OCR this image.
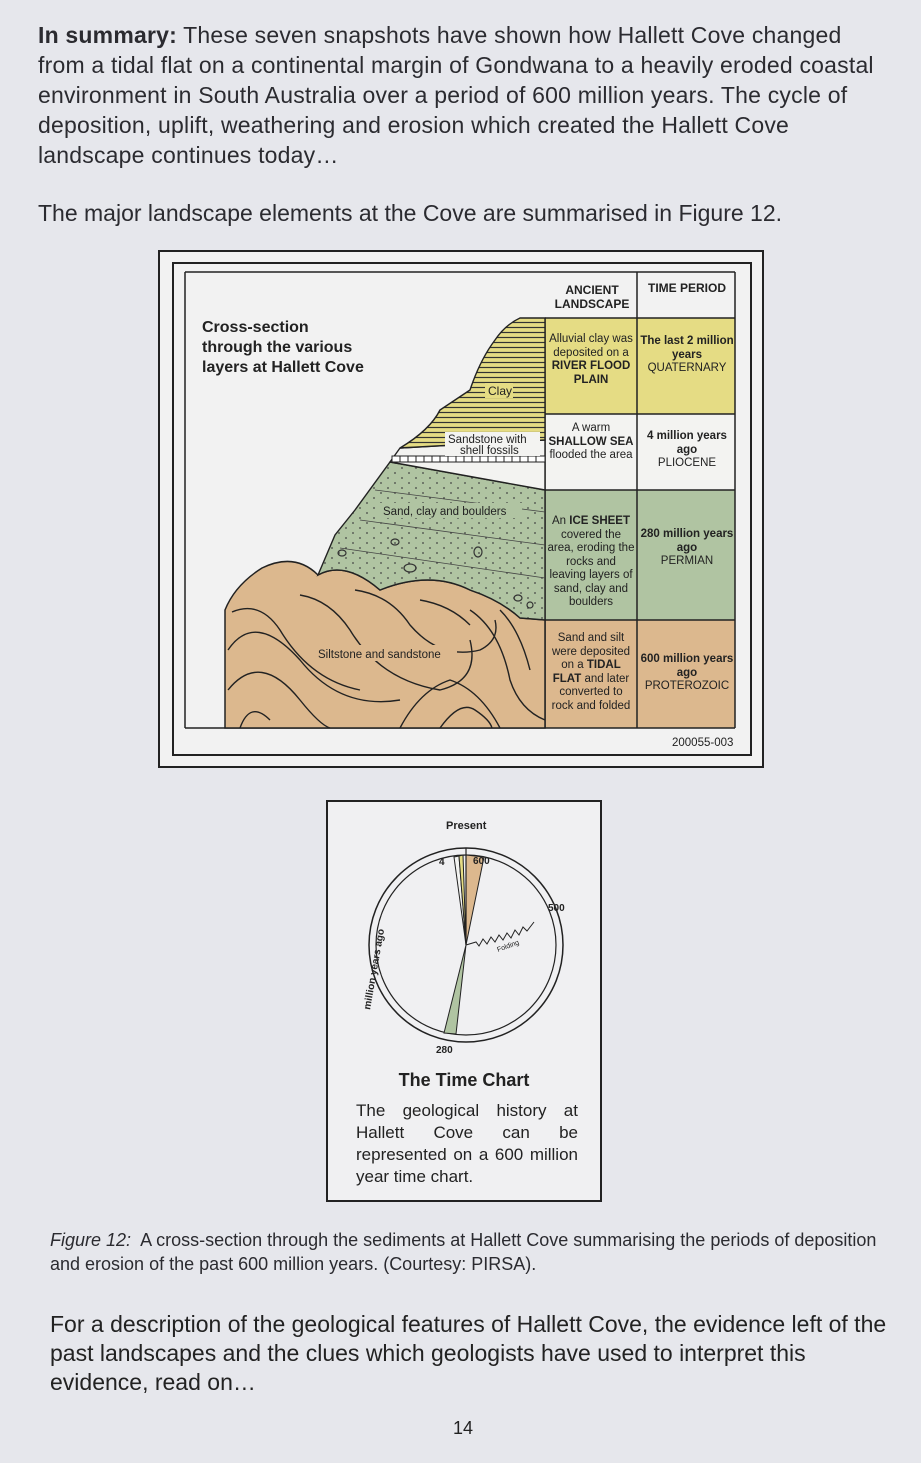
In summary: These seven snapshots have shown how Hallett Cove changed from a tidal flat on a continental margin of Gondwana to a heavily eroded coastal environment in South Australia over a period of 600 million years. The cycle of deposition, uplift, weathering and erosion which created the Hallett Cove landscape continues today…

The major landscape elements at the Cove are summarised in Figure 12.

Clay
Sandstone with
shell fossils
Sand, clay and boulders
Siltstone and sandstone
Cross-section through the various layers at Hallett Cove
ANCIENT LANDSCAPE
TIME PERIOD
Alluvial clay was deposited on a RIVER FLOOD PLAIN
The last 2 million years
QUATERNARY
A warm SHALLOW SEA flooded the area
4 million years ago
PLIOCENE
An ICE SHEET covered the area, eroding the rocks and leaving layers of sand, clay and boulders
280 million years ago
PERMIAN
Sand and silt were deposited on a TIDAL FLAT and later converted to rock and folded
600 million years ago
PROTEROZOIC
200055-003
Present
4	600
500
280
Folding
million years ago
The Time Chart
The geological history at Hallett Cove can be represented on a 600 million year time chart.

Figure 12: A cross-section through the sediments at Hallett Cove summarising the periods of deposition and erosion of the past 600 million years. (Courtesy: PIRSA).

For a description of the geological features of Hallett Cove, the evidence left of the past landscapes and the clues which geologists have used to interpret this evidence, read on…

14
